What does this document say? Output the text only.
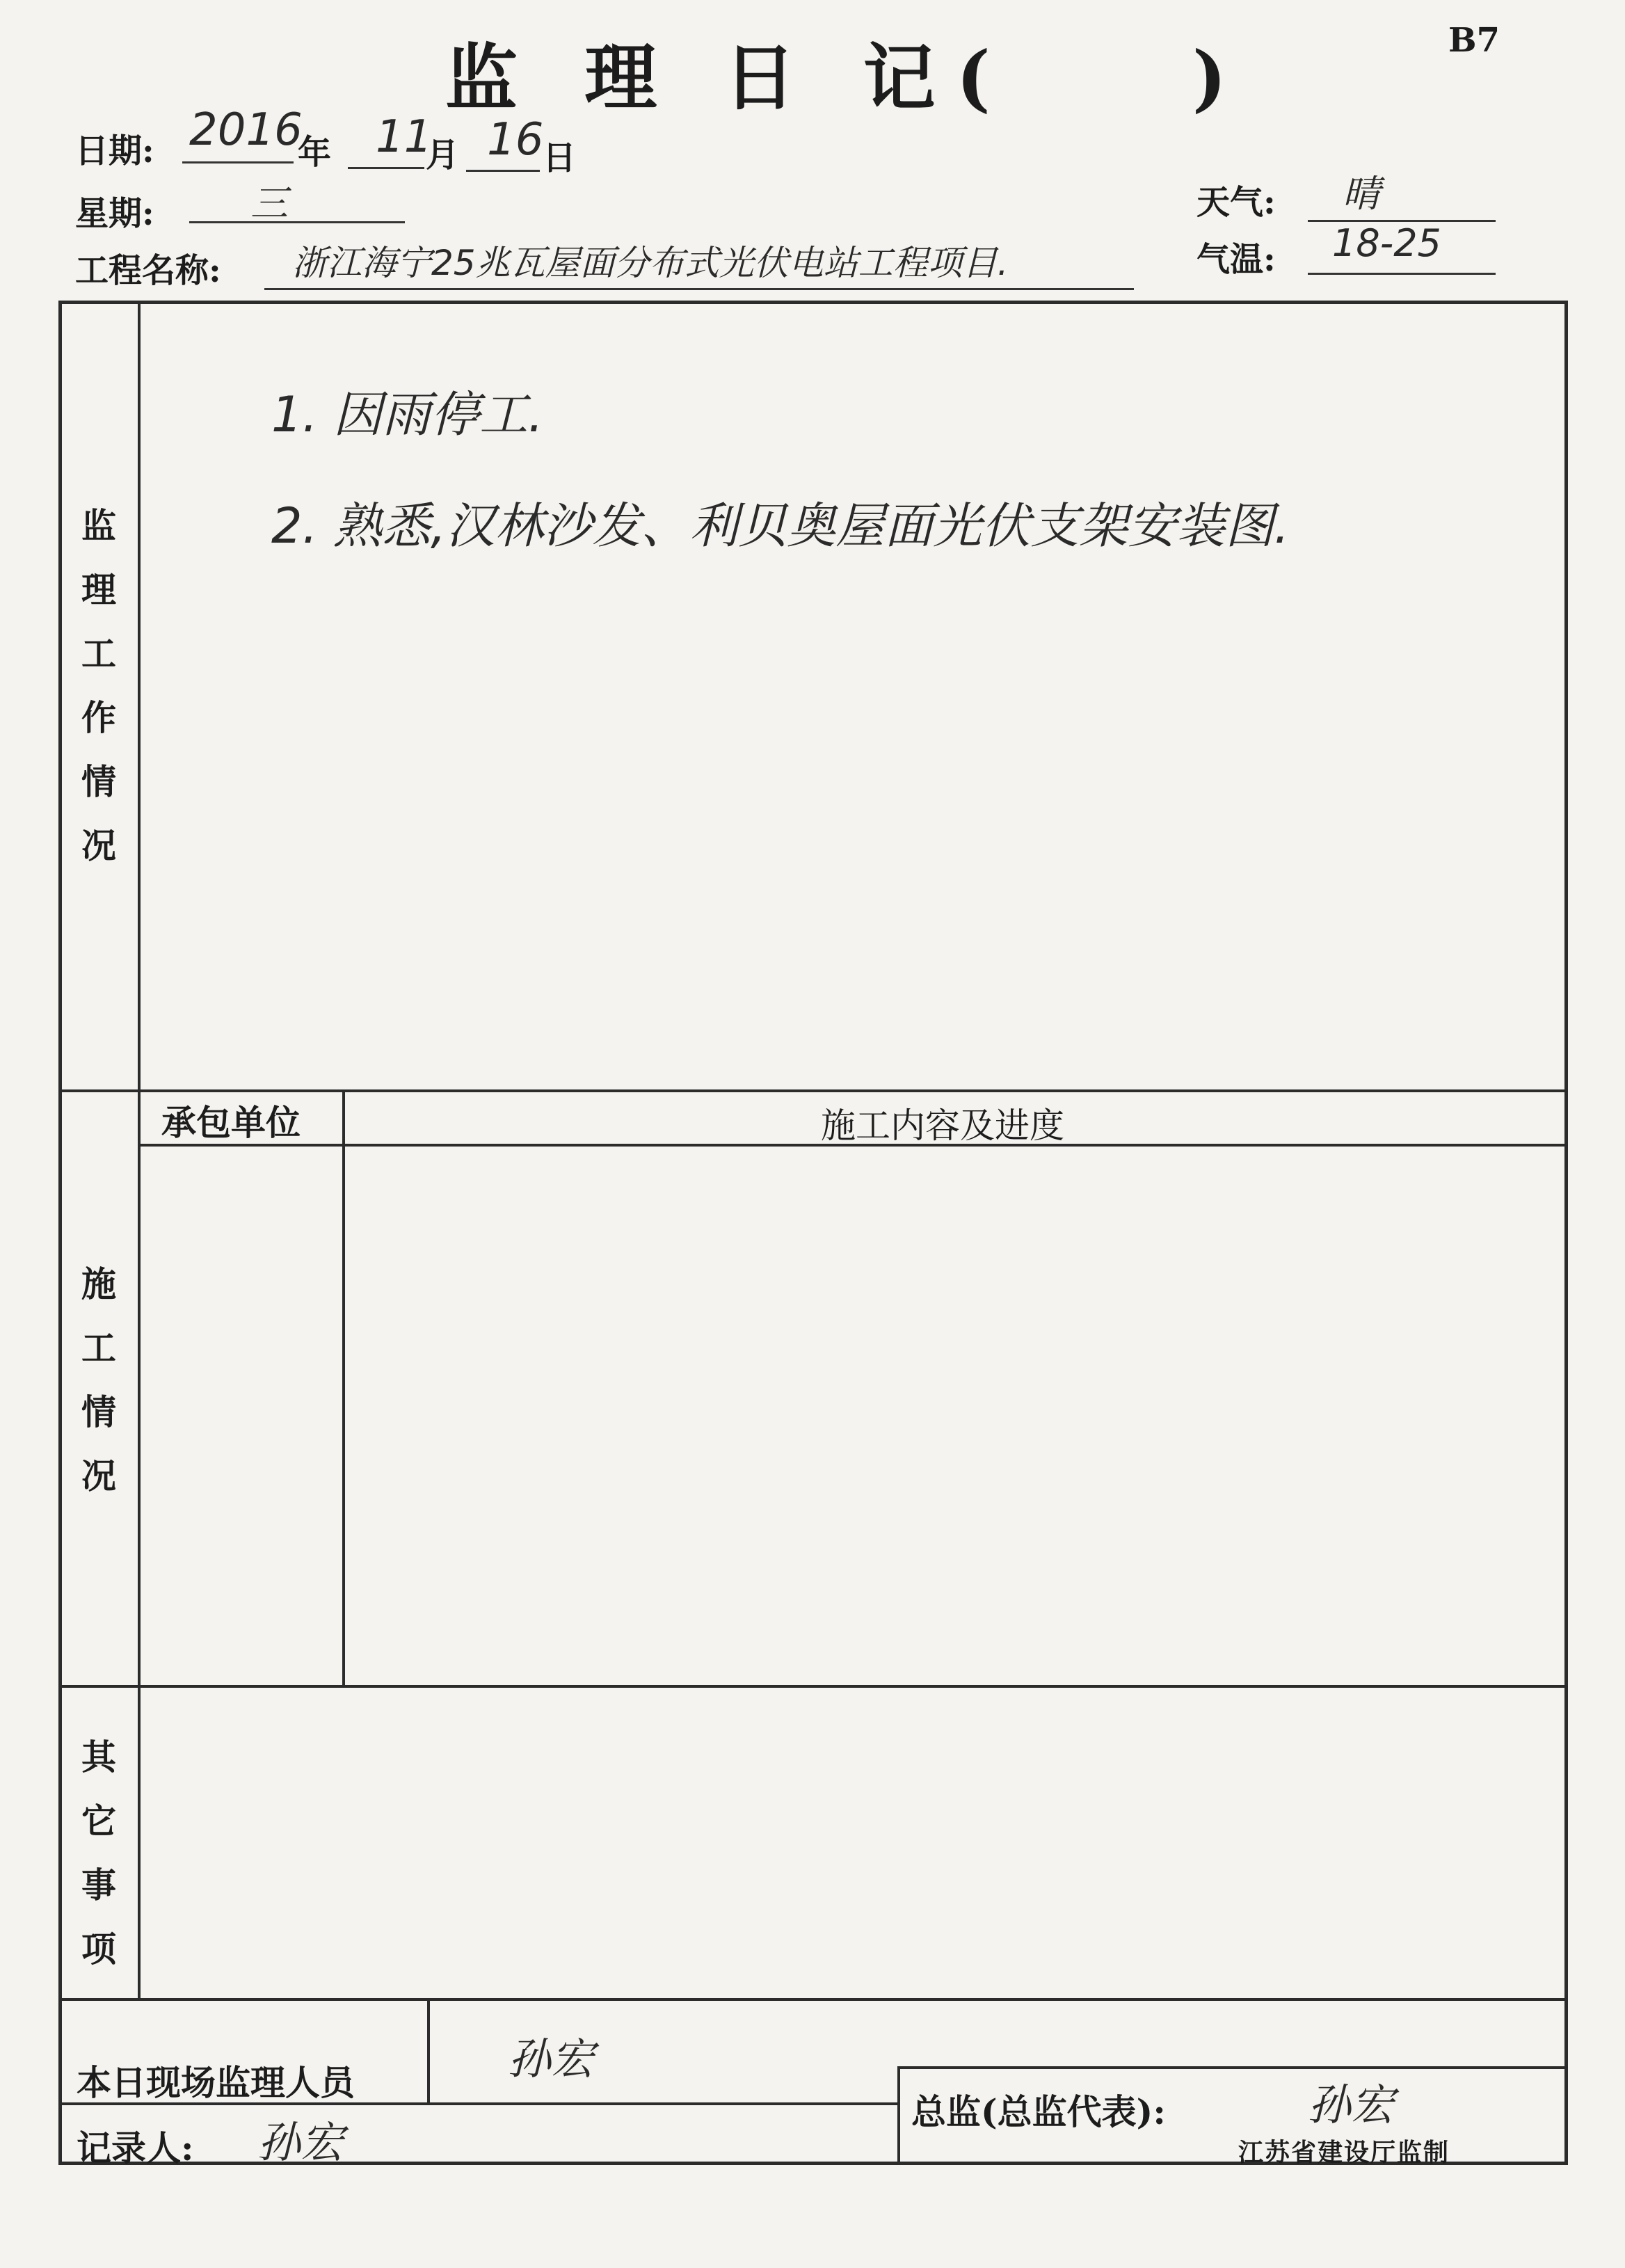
监 理 日 记(	)	B7
日期: 2016
年 11
月 16
日
星期:	三	天气: 晴
气温: 18-25
工程名称: 浙江海宁25兆瓦屋面分布式光伏电站工程项目.
监理工作情况
1. 因雨停工.
2. 熟悉,汉林沙发、利贝奥屋面光伏支架安装图.
承包单位	施工内容及进度
施工情况
其它事项
本日现场监理人员	孙宏
总监(总监代表):	孙宏
记录人: 孙宏	江苏省建设厅监制
